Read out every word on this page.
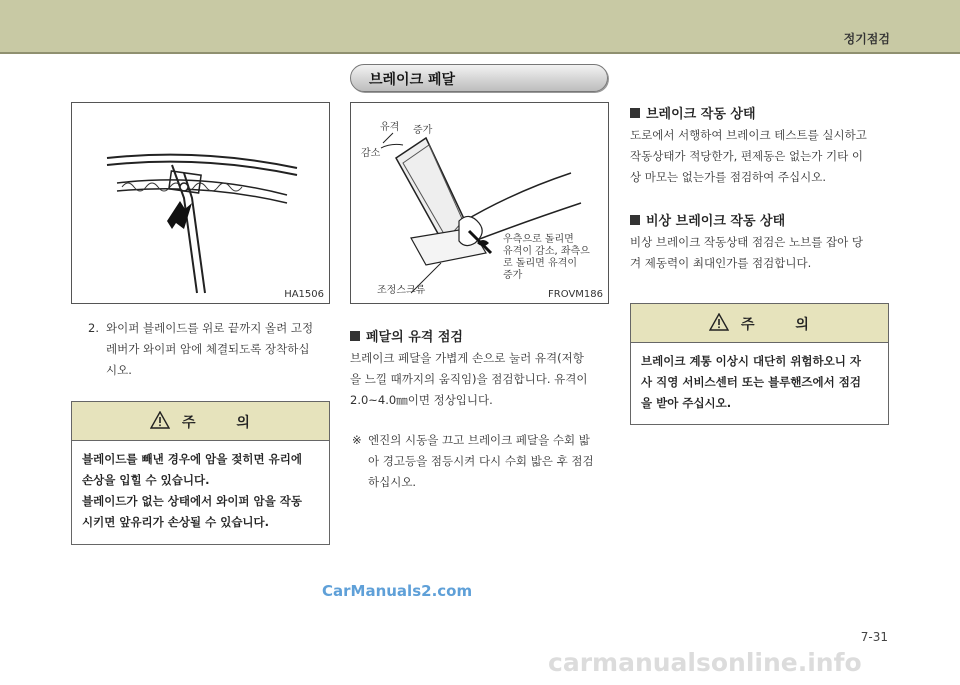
정기점검
브레이크 페달
HA1506
2. 와이퍼 블레이드를 위로 끝까지 올려 고정
레버가 와이퍼 암에 체결되도록 장착하십
시오.
주 의
블레이드를 빼낸 경우에 암을 젖히면 유리에
손상을 입힐 수 있습니다.
블레이드가 없는 상태에서 와이퍼 암을 작동
시키면 앞유리가 손상될 수 있습니다.
유격 증가
감소
조정스크류
우측으로 돌리면
유격이 감소, 좌측으
로 돌리면 유격이
증가
FROVM186
페달의 유격 점검
브레이크 페달을 가볍게 손으로 눌러 유격(저항
을 느낄 때까지의 움직임)을 점검합니다. 유격이
2.0~4.0㎜이면 정상입니다.
※ 엔진의 시동을 끄고 브레이크 페달을 수회 밟
아 경고등을 점등시켜 다시 수회 밟은 후 점검
하십시오.
브레이크 작동 상태
도로에서 서행하여 브레이크 테스트를 실시하고
작동상태가 적당한가, 편제동은 없는가 기타 이
상 마모는 없는가를 점검하여 주십시오.
비상 브레이크 작동 상태
비상 브레이크 작동상태 점검은 노브를 잡아 당
겨 제동력이 최대인가를 점검합니다.
주 의
브레이크 계통 이상시 대단히 위험하오니 자
사 직영 서비스센터 또는 블루핸즈에서 점검
을 받아 주십시오.
CarManuals2.com
7-31
carmanualsonline.info
